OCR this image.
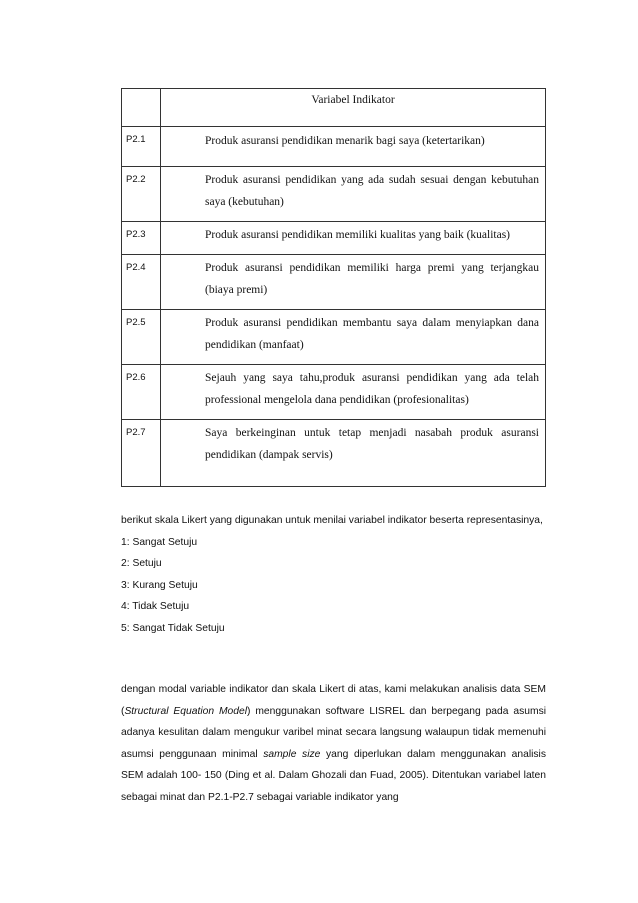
	Variabel Indikator
P2.1	Produk asuransi pendidikan menarik bagi saya (ketertarikan)
P2.2	Produk asuransi pendidikan yang ada sudah sesuai dengan kebutuhan saya (kebutuhan)
P2.3	Produk asuransi pendidikan memiliki kualitas yang baik (kualitas)
P2.4	Produk asuransi pendidikan memiliki harga premi yang terjangkau (biaya premi)
P2.5	Produk asuransi pendidikan membantu saya dalam menyiapkan dana pendidikan (manfaat)
P2.6	Sejauh yang saya tahu,produk asuransi pendidikan yang ada telah professional mengelola dana pendidikan (profesionalitas)
P2.7	Saya berkeinginan untuk tetap menjadi nasabah produk asuransi pendidikan (dampak servis)
berikut skala Likert yang digunakan untuk menilai variabel indikator beserta representasinya,
1: Sangat Setuju
2: Setuju
3: Kurang Setuju
4: Tidak Setuju
5: Sangat Tidak Setuju
dengan modal variable indikator dan skala Likert di atas, kami melakukan analisis data SEM (Structural Equation Model) menggunakan software LISREL dan berpegang pada asumsi adanya kesulitan dalam mengukur varibel minat secara langsung walaupun tidak memenuhi asumsi penggunaan minimal sample size yang diperlukan dalam menggunakan analisis SEM adalah 100- 150 (Ding et al. Dalam Ghozali dan Fuad, 2005). Ditentukan variabel laten sebagai minat dan P2.1-P2.7 sebagai variable indikator yang
